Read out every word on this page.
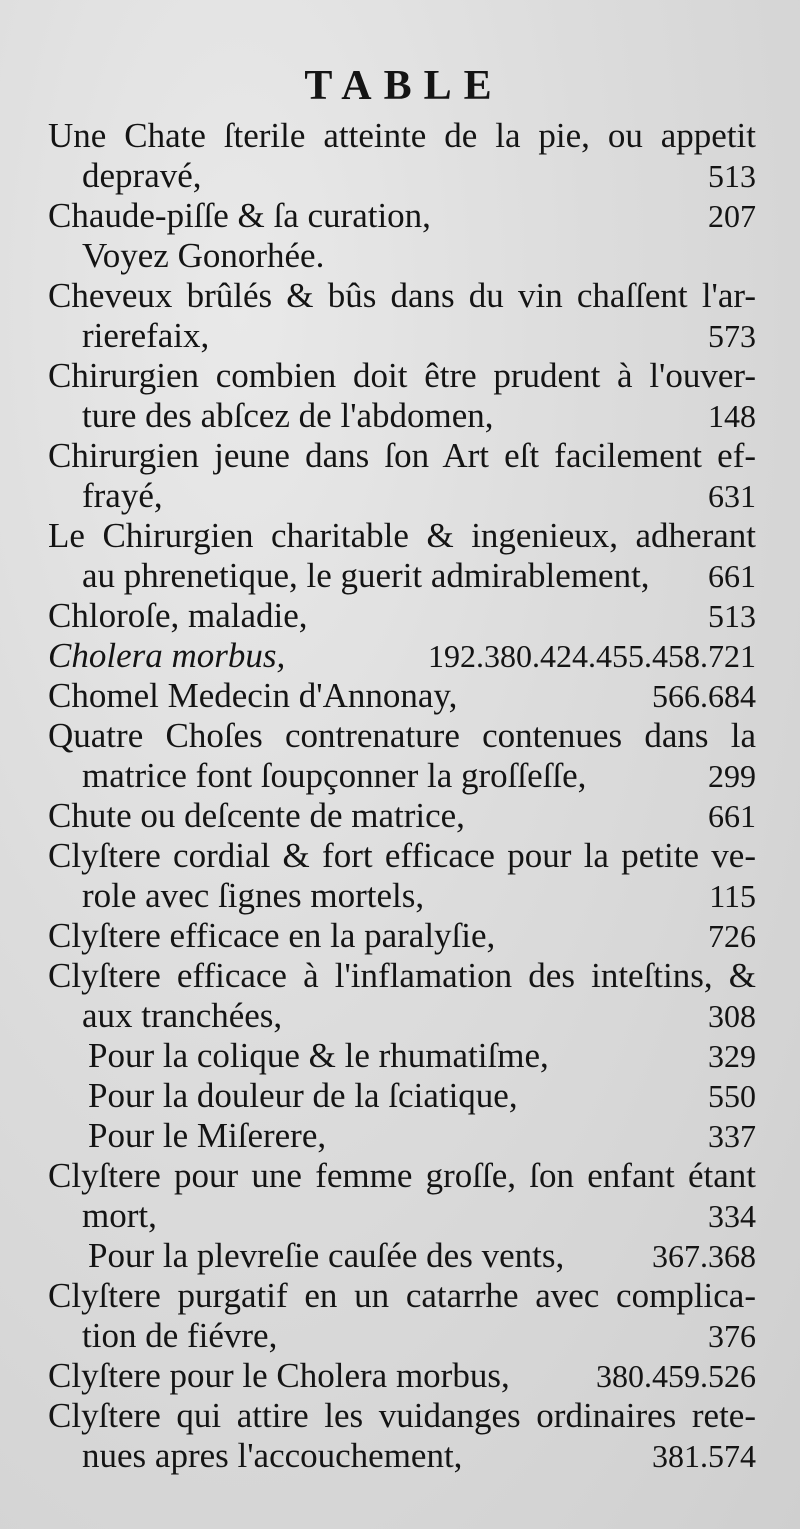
TABLE
Une Chate ſterile atteinte de la pie, ou appetit
depravé,	513
Chaude-piſſe & ſa curation,	207
Voyez Gonorhée.
Cheveux brûlés & bûs dans du vin chaſſent l'ar-
rierefaix,	573
Chirurgien combien doit être prudent à l'ouver-
ture des abſcez de l'abdomen,	148
Chirurgien jeune dans ſon Art eſt facilement ef-
frayé,	631
Le Chirurgien charitable & ingenieux, adherant
au phrenetique, le guerit admirablement,	661
Chloroſe, maladie,	513
Cholera morbus,	192.380.424.455.458.721
Chomel Medecin d'Annonay,	566.684
Quatre Choſes contrenature contenues dans la
matrice font ſoupçonner la groſſeſſe,	299
Chute ou deſcente de matrice,	661
Clyſtere cordial & fort efficace pour la petite ve-
role avec ſignes mortels,	115
Clyſtere efficace en la paralyſie,	726
Clyſtere efficace à l'inflamation des inteſtins, &
aux tranchées,	308
Pour la colique & le rhumatiſme,	329
Pour la douleur de la ſciatique,	550
Pour le Miſerere,	337
Clyſtere pour une femme groſſe, ſon enfant étant
mort,	334
Pour la plevreſie cauſée des vents,	367.368
Clyſtere purgatif en un catarrhe avec complica-
tion de fiévre,	376
Clyſtere pour le Cholera morbus,	380.459.526
Clyſtere qui attire les vuidanges ordinaires rete-
nues apres l'accouchement,	381.574
